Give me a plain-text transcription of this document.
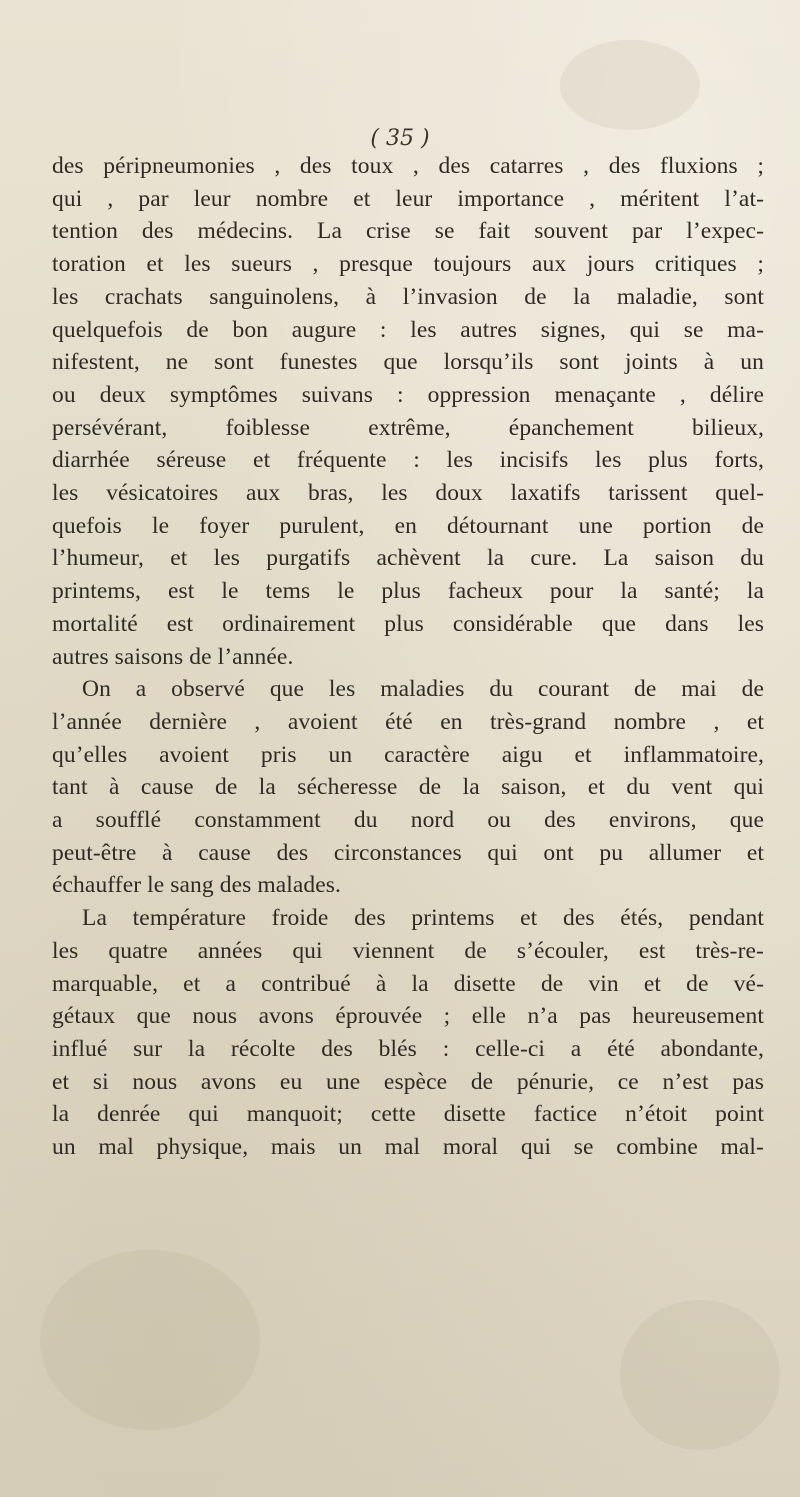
( 35 )
des péripneumonies , des toux , des catarres , des fluxions ;
qui , par leur nombre et leur importance , méritent l’at-
tention des médecins. La crise se fait souvent par l’expec-
toration et les sueurs , presque toujours aux jours critiques ;
les crachats sanguinolens, à l’invasion de la maladie, sont
quelquefois de bon augure : les autres signes, qui se ma-
nifestent, ne sont funestes que lorsqu’ils sont joints à un
ou deux symptômes suivans : oppression menaçante , délire
persévérant, foiblesse extrême, épanchement bilieux,
diarrhée séreuse et fréquente : les incisifs les plus forts,
les vésicatoires aux bras, les doux laxatifs tarissent quel-
quefois le foyer purulent, en détournant une portion de
l’humeur, et les purgatifs achèvent la cure. La saison du
printems, est le tems le plus facheux pour la santé; la
mortalité est ordinairement plus considérable que dans les
autres saisons de l’année.
On a observé que les maladies du courant de mai de
l’année dernière , avoient été en très-grand nombre , et
qu’elles avoient pris un caractère aigu et inflammatoire,
tant à cause de la sécheresse de la saison, et du vent qui
a soufflé constamment du nord ou des environs, que
peut-être à cause des circonstances qui ont pu allumer et
échauffer le sang des malades.
La température froide des printems et des étés, pendant
les quatre années qui viennent de s’écouler, est très-re-
marquable, et a contribué à la disette de vin et de vé-
gétaux que nous avons éprouvée ; elle n’a pas heureusement
influé sur la récolte des blés : celle-ci a été abondante,
et si nous avons eu une espèce de pénurie, ce n’est pas
la denrée qui manquoit; cette disette factice n’étoit point
un mal physique, mais un mal moral qui se combine mal-
